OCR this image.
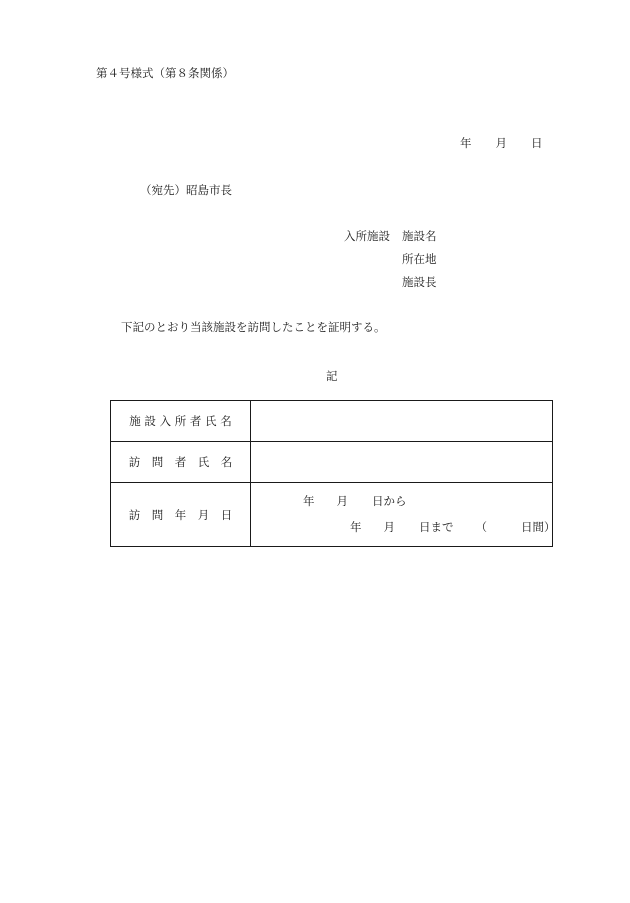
第４号様式（第８条関係）
年 月 日
（宛先）昭島市長
入所施設 施設名
所在地
施設長
下記のとおり当該施設を訪問したことを証明する。
記
施 設 入 所 者 氏 名	
訪　問　者　氏　名	
訪　問　年　月　日	年 月 日から
年 月 日まで （ 日間）
